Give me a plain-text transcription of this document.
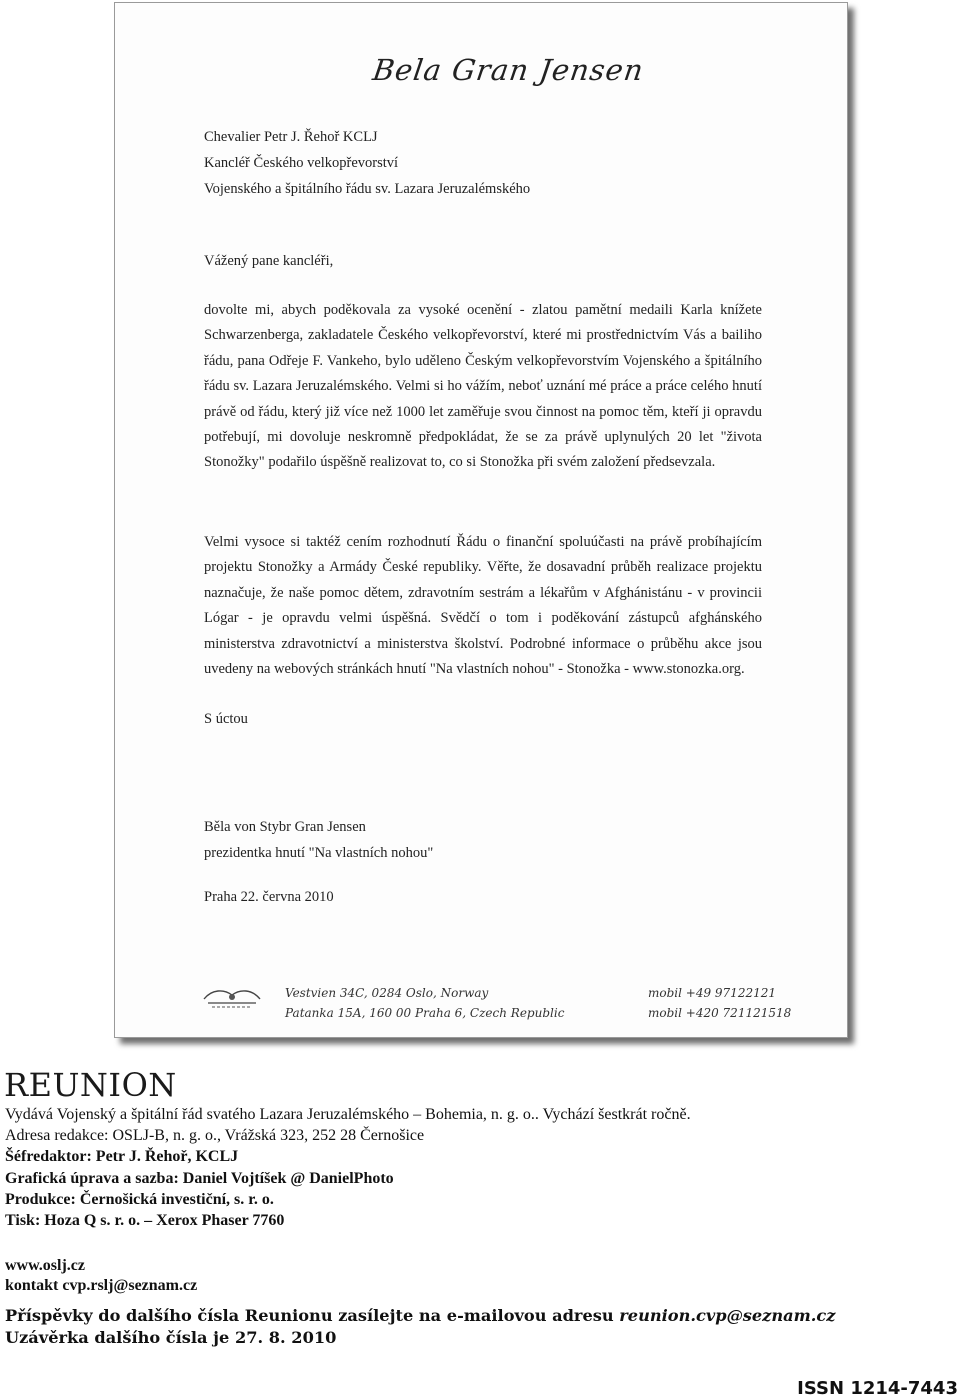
Bela Gran Jensen
Chevalier Petr J. Řehoř KCLJ
Kancléř Českého velkopřevorství
Vojenského a špitálního řádu sv. Lazara Jeruzalémského
Vážený pane kancléři,
dovolte mi, abych poděkovala za vysoké ocenění - zlatou pamětní medaili Karla knížete Schwarzenberga, zakladatele Českého velkopřevorství, které mi prostřednictvím Vás a bailiho řádu, pana Odřeje F. Vankeho, bylo uděleno Českým velkopřevorstvím Vojenského a špitálního řádu sv. Lazara Jeruzalémského. Velmi si ho vážím, neboť uznání mé práce a práce celého hnutí právě od řádu, který již více než 1000 let zaměřuje svou činnost na pomoc těm, kteří ji opravdu potřebují, mi dovoluje neskromně předpokládat, že se za právě uplynulých 20 let "života Stonožky" podařilo úspěšně realizovat to, co si Stonožka při svém založení předsevzala.
Velmi vysoce si taktéž cením rozhodnutí Řádu o finanční spoluúčasti na právě probíhajícím projektu Stonožky a Armády České republiky. Věřte, že dosavadní průběh realizace projektu naznačuje, že naše pomoc dětem, zdravotním sestrám a lékařům v Afghánistánu - v provincii Lógar - je opravdu velmi úspěšná. Svědčí o tom i poděkování zástupců afghánského ministerstva zdravotnictví a ministerstva školství. Podrobné informace o průběhu akce jsou uvedeny na webových stránkách hnutí "Na vlastních nohou" - Stonožka - www.stonozka.org.
S úctou
Běla von Stybr Gran Jensen
prezidentka hnutí "Na vlastních nohou"
Praha 22. června 2010
Vestvien 34C, 0284 Oslo, Norway
Patanka 15A, 160 00 Praha 6, Czech Republic
mobil +49 97122121
mobil +420 721121518
REUNION
Vydává Vojenský a špitální řád svatého Lazara Jeruzalémského – Bohemia, n. g. o.. Vychází šestkrát ročně.
Adresa redakce: OSLJ-B, n. g. o., Vrážská 323, 252 28 Černošice
Šéfredaktor: Petr J. Řehoř, KCLJ
Grafická úprava a sazba: Daniel Vojtíšek @ DanielPhoto
Produkce: Černošická investiční, s. r. o.
Tisk: Hoza Q s. r. o. – Xerox Phaser 7760
www.oslj.cz
kontakt cvp.rslj@seznam.cz
Příspěvky do dalšího čísla Reunionu zasílejte na e-mailovou adresu reunion.cvp@seznam.cz
Uzávěrka dalšího čísla je 27. 8. 2010
ISSN 1214-7443
